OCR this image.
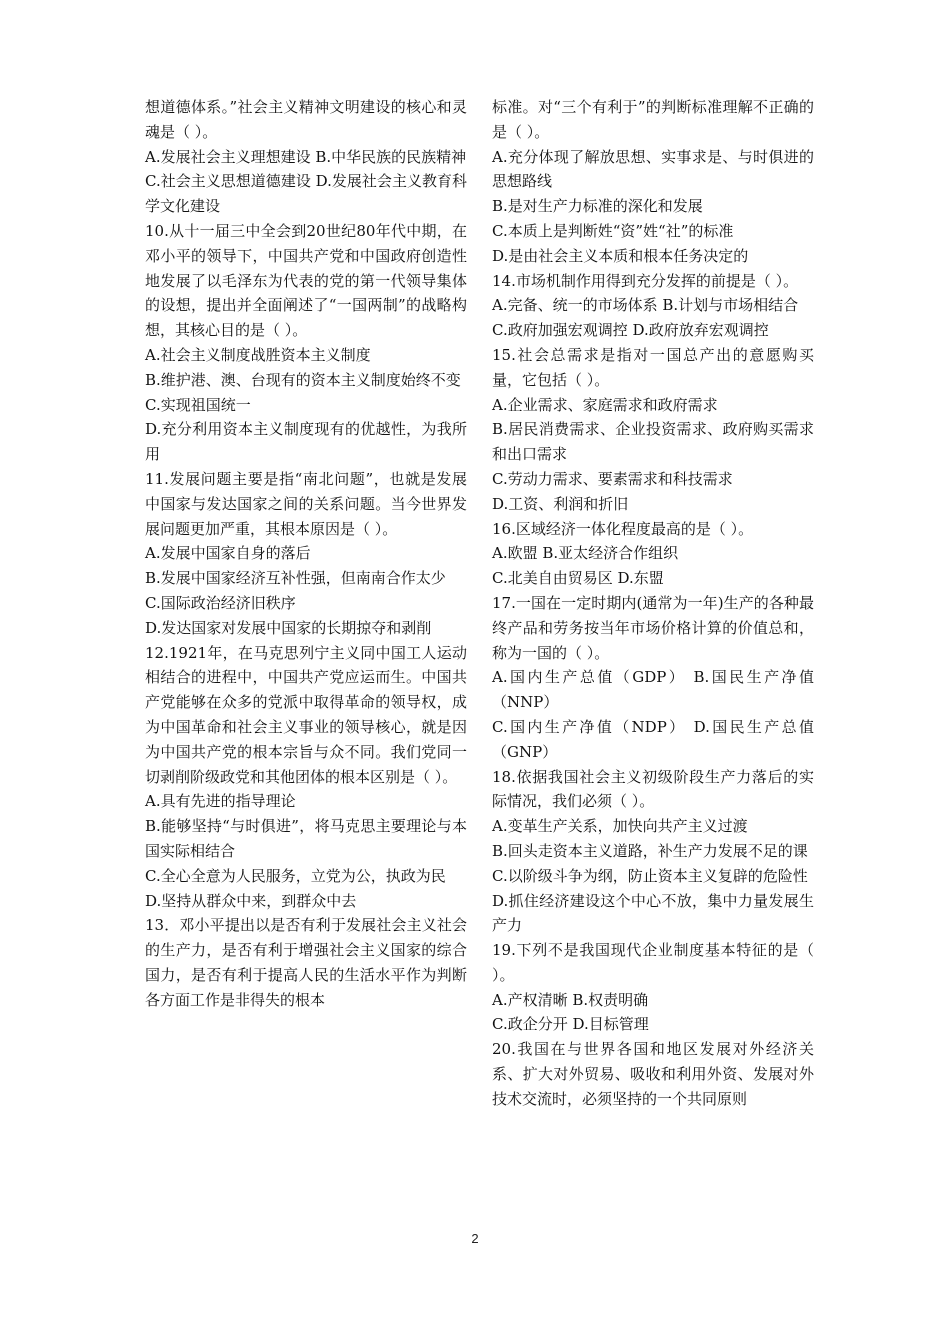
想道德体系。”社会主义精神文明建设的核心和灵魂是（ ）。

A.发展社会主义理想建设 B.中华民族的民族精神

C.社会主义思想道德建设 D.发展社会主义教育科学文化建设

10.从十一届三中全会到20世纪80年代中期，在邓小平的领导下，中国共产党和中国政府创造性地发展了以毛泽东为代表的党的第一代领导集体的设想，提出并全面阐述了“一国两制”的战略构想，其核心目的是（ ）。

A.社会主义制度战胜资本主义制度

B.维护港、澳、台现有的资本主义制度始终不变

C.实现祖国统一

D.充分利用资本主义制度现有的优越性，为我所用

11.发展问题主要是指“南北问题”，也就是发展中国家与发达国家之间的关系问题。当今世界发展问题更加严重，其根本原因是（ ）。

A.发展中国家自身的落后

B.发展中国家经济互补性强，但南南合作太少

C.国际政治经济旧秩序

D.发达国家对发展中国家的长期掠夺和剥削

12.1921年，在马克思列宁主义同中国工人运动相结合的进程中，中国共产党应运而生。中国共产党能够在众多的党派中取得革命的领导权，成为中国革命和社会主义事业的领导核心，就是因为中国共产党的根本宗旨与众不同。我们党同一切剥削阶级政党和其他团体的根本区别是（ ）。

A.具有先进的指导理论

B.能够坚持“与时俱进”，将马克思主要理论与本国实际相结合

C.全心全意为人民服务，立党为公，执政为民

D.坚持从群众中来，到群众中去

13．邓小平提出以是否有利于发展社会主义社会的生产力，是否有利于增强社会主义国家的综合国力，是否有利于提高人民的生活水平作为判断各方面工作是非得失的根本

标准。对“三个有利于”的判断标准理解不正确的是（ ）。

A.充分体现了解放思想、实事求是、与时俱进的思想路线

B.是对生产力标准的深化和发展

C.本质上是判断姓“资”姓“社”的标准

D.是由社会主义本质和根本任务决定的

14.市场机制作用得到充分发挥的前提是（ ）。

A.完备、统一的市场体系 B.计划与市场相结合

C.政府加强宏观调控 D.政府放弃宏观调控

15.社会总需求是指对一国总产出的意愿购买量，它包括（ ）。

A.企业需求、家庭需求和政府需求

B.居民消费需求、企业投资需求、政府购买需求和出口需求

C.劳动力需求、要素需求和科技需求

D.工资、利润和折旧

16.区域经济一体化程度最高的是（ ）。

A.欧盟 B.亚太经济合作组织

C.北美自由贸易区 D.东盟

17.一国在一定时期内(通常为一年)生产的各种最终产品和劳务按当年市场价格计算的价值总和，称为一国的（ ）。

A.国内生产总值（GDP） B.国民生产净值（NNP）

C.国内生产净值（NDP） D.国民生产总值（GNP）

18.依据我国社会主义初级阶段生产力落后的实际情况，我们必须（ ）。

A.变革生产关系，加快向共产主义过渡

B.回头走资本主义道路，补生产力发展不足的课

C.以阶级斗争为纲，防止资本主义复辟的危险性

D.抓住经济建设这个中心不放，集中力量发展生产力

19.下列不是我国现代企业制度基本特征的是（ ）。

A.产权清晰 B.权责明确

C.政企分开 D.目标管理

20.我国在与世界各国和地区发展对外经济关系、扩大对外贸易、吸收和利用外资、发展对外技术交流时，必须坚持的一个共同原则

2
